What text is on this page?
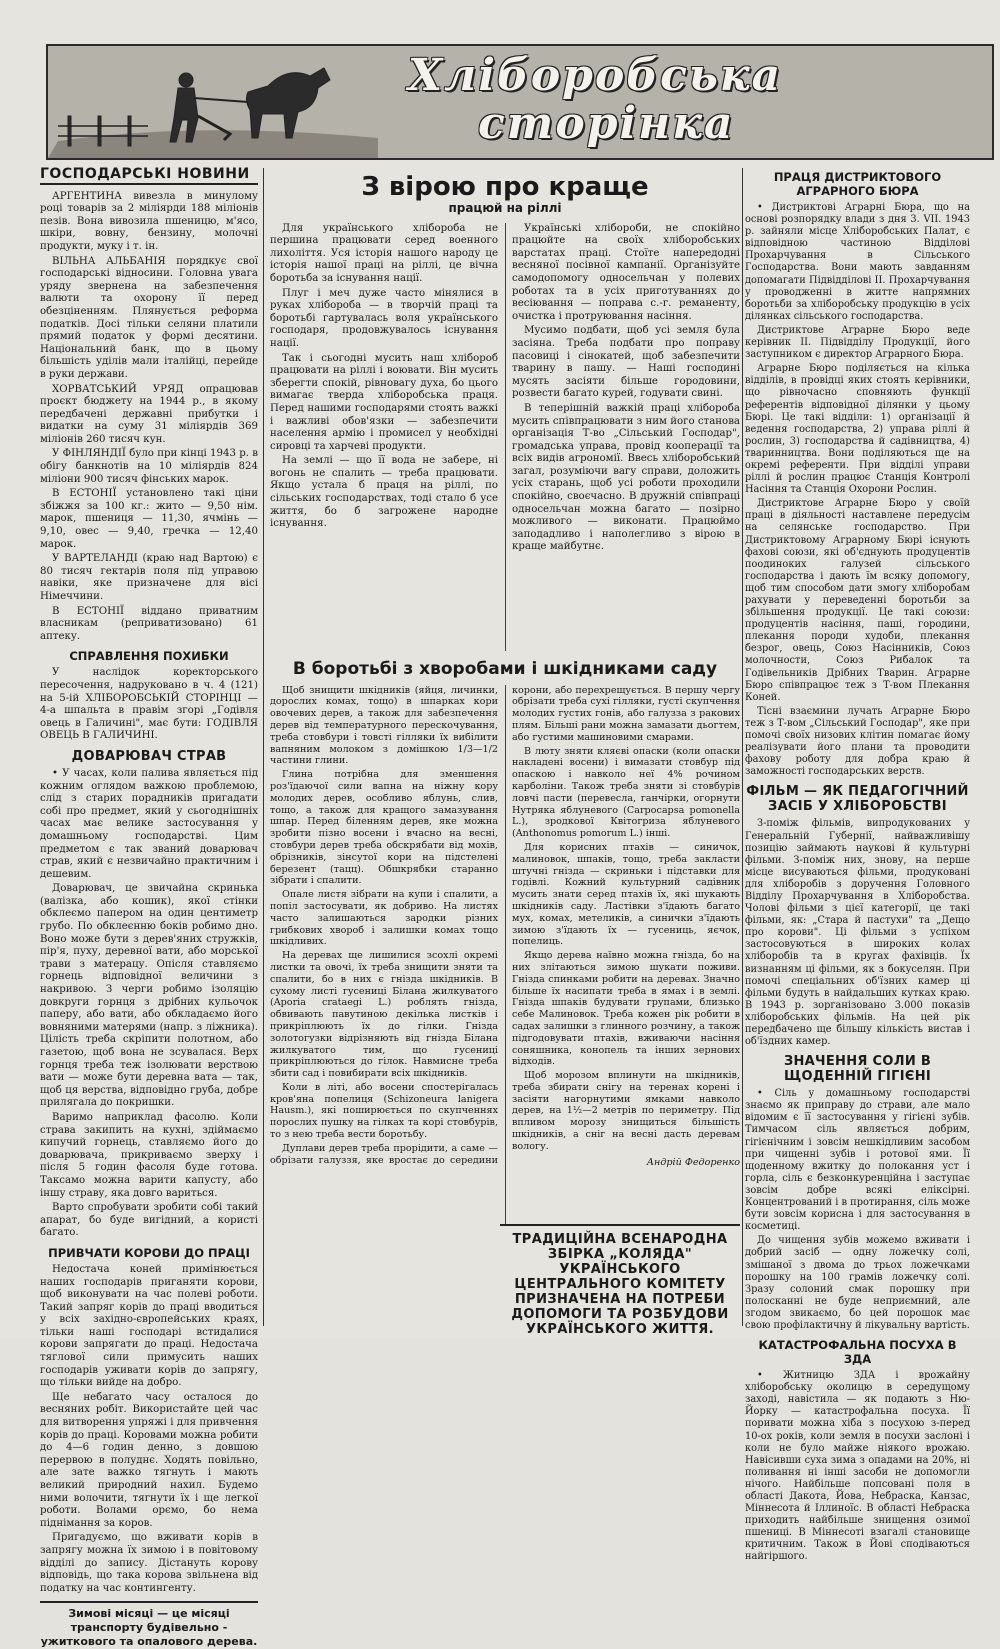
Хліборобська
сторінка
ГОСПОДАРСЬКІ НОВИНИ

АРГЕНТИНА вивезла в минулому році товарів за 2 міліярди 188 міліонів пезів. Вона вивозила пшеницю, м'ясо, шкіри, вовну, бензину, молочні продукти, муку і т. ін.

ВІЛЬНА АЛЬБАНІЯ порядкує свої господарські відносини. Головна увага уряду звернена на забезпечення валюти та охорону її перед обезціненням. Плянується реформа податків. Досі тільки селяни платили прямий податок у формі десятини. Національний банк, що в цьому більшість уділів мали італійці, перейде в руки держави.

ХОРВАТСЬКИЙ УРЯД опрацював проєкт бюджету на 1944 р., в якому передбачені державні прибутки і видатки на суму 31 міліярдів 369 міліонів 260 тисяч кун.

У ФІНЛЯНДІЇ було при кінці 1943 р. в обігу банкнотів на 10 міліярдів 824 міліони 900 тисяч фінських марок.

В ЕСТОНІЇ установлено такі ціни збіжжя за 100 кг.: жито — 9,50 нім. марок, пшениця — 11,30, ячмінь — 9,10, овес — 9,40, гречка — 12,40 марок.

У ВАРТЕЛАНДІ (краю над Вартою) є 80 тисяч гектарів поля під управою навіки, яке призначене для вісі Німеччини.

В ЕСТОНІЇ віддано приватним власникам (реприватизовано) 61 аптеку.

СПРАВЛЕННЯ ПОХИБКИ

У наслідок коректорського пересочення, надруковано в ч. 4 (121) на 5-ій ХЛІБОРОБСЬКІЙ СТОРІНЦІ — 4-а шпальта в правім згорі „Годівля овець в Галичині", має бути: ГОДІВЛЯ ОВЕЦЬ В ГАЛИЧИНІ.

ДОВАРЮВАЧ СТРАВ

• У часах, коли палива являється під кожним оглядом важкою проблемою, слід з старих порадників пригадати собі про предмет, який у сьогоднішніх часах має велике застосування у домашньому господарстві. Цим предметом є так званий доварювач страв, який є незвичайно практичним і дешевим.

Доварювач, це звичайна скринька (валізка, або кошик), якої стінки обклеємо папером на один центиметр грубо. По обклеєнню боків робимо дно. Воно може бути з дерев'яних стружків, пір'я, пуху, деревної вати, або морської трави з матерацу. Опісля ставляємо горнець відповідної величини з накривою. З черги робимо ізоляцію довкруги горнця з дрібних кульочок паперу, або вати, або обкладаємо його вовняними матерями (напр. з ліжника). Цілість треба скріпити полотном, або газетою, щоб вона не зсувалася. Верх горнця треба теж ізолювати верствою вати — може бути деревна вата — так, щоб ця верства, відповідно груба, добре прилягала до покришки.

Варимо наприклад фасолю. Коли страва закипить на кухні, здіймаємо кипучий горнець, ставляємо його до доварювача, прикриваємо зверху і після 5 годин фасоля буде готова. Таксамо можна варити капусту, або іншу страву, яка довго вариться.

Варто спробувати зробити собі такий апарат, бо буде вигідний, а користі багато.

ПРИВЧАТИ КОРОВИ ДО ПРАЦІ

Недостача коней примінюється наших господарів приганяти корови, щоб виконувати на час полеві роботи. Такий запряг корів до праці вводиться у всіх західно-європейських краях, тільки наші господарі встидалися корови запрягати до праці. Недостача тяглової сили примусить наших господарів уживати корів до запрягу, що тільки вийде на добро.

Ще небагато часу осталося до весняних робіт. Використайте цей час для витворення упряжі і для привчення корів до праці. Коровами можна робити до 4—6 годин денно, з довшою перервою в полуднє. Ходять повільно, але зате важко тягнуть і мають великий природний нахил. Будемо ними волочити, тягнути їх і ще легкої роботи. Волами орємо, бо нема піднімання за коров.

Пригадуємо, що вживати корів в запрягу можна їх зимою і в повітовому відділі до запису. Дістануть корову відповідь, що така корова звільнена від податку на час контингенту.

Зимові місяці — це місяці транспорту будівельно - ужиткового та опалового дерева.
З вірою про краще
працюй на ріллі

Для українського хлібороба не першина працювати серед военного лихоліття. Уся історія нашого народу це історія нашої праці на ріллі, це вічна боротьба за існування нації.

Плуг і меч дуже часто мінялися в руках хлібороба — в творчій праці та боротьбі гартувалась воля українського господаря, продовжувалось існування нації.

Так і сьогодні мусить наш хлібороб працювати на ріллі і воювати. Він мусить зберегти спокій, рівновагу духа, бо цього вимагає тверда хліборобська праця. Перед нашими господарями стоять важкі і важливі обов'язки — забезпечити населення армію і промисел у необхідні сировці та харчеві продукти.

На землі — що її вода не забере, ні вогонь не спалить — треба працювати. Якщо устала б праця на ріллі, по сільських господарствах, тоді стало б усе життя, бо б загрожене народне існування.

Українські хлібороби, не спокійно працюйте на своїх хліборобських варстатах праці. Стоїте напередодні весняної посівної кампанії. Організуйте самодопомогу односельчан у полевих роботах та в усіх приготуваннях до весіювання — поправа с.-г. реманенту, очистка і протруювання насіння.

Мусимо подбати, щоб усі земля була засіяна. Треба подбати про поправу пасовиці і сінокатей, щоб забезпечити тварину в пашу. — Наші господині мусять засіяти більше городовини, розвести багато курей, годувати свині.

В теперішній важкій праці хлібороба мусить співпрацювати з ним його станова організація Т-во „Сільський Господар", громадська управа, провід кооперації та всіх видів агрономії. Ввесь хліборобський загал, розуміючи вагу справи, доложить усіх старань, щоб усі роботи проходили спокійно, своєчасно. В дружній співпраці односельчан можна багато — позірно можливого — виконати. Працюймо заподадливо і наполегливо з вірою в краще майбутнє.

В боротьбі з хворобами і шкідниками саду

Щоб знищити шкідників (яйця, личинки, дорослих комах, тощо) в шпарках кори овочевих дерев, а також для забезпечення дерев від температурного перескочування, треба стовбури і товсті гілляки їх вибілити вапняним молоком з домішкою 1/3—1/2 частини глини.

Глина потрібна для зменшення роз'їдаючої сили вапна на ніжну кору молодих дерев, особливо яблунь, слив, тощо, а також для кращого замазування шпар. Перед біленням дерев, яке можна зробити пізно восени і вчасно на весні, стовбури дерев треба обскрябати від мохів, обрізників, зінсутої кори на підстелені березент (тацц). Обшкрябки старанно зібрати і спалити.

Опале листя зібрати на купи і спалити, а попіл застосувати, як добриво. На листях часто залишаються зародки різних грибкових хвороб і залишки комах тощо шкідливих.

На деревах ще лишилися зсохлі окремі листки та овочі, їх треба знищити зняти та спалити, бо в них є гнізда шкідників. В сухому листі гусениці Білана жилкуватого (Aporia crataegi L.) роблять гнізда, обвивають павутиною декілька листків і прикріплюють їх до гілки. Гнізда золотогузки відрізняють від гнізда Білана жилкуватого тим, що гусениці прикріплюються до гілок. Навмисне треба збити сад і повибирати всіх шкідників.

Коли в літі, або восени спостерігалась кров'яна попелиця (Schizoneura lanigera Hausm.), які поширюється по скупченнях порослих пушку на гілках та корі стовбурів, то з нею треба вести боротьбу.

Дуплави дерев треба прорідити, а саме — обрізати галуззя, яке вростає до середини корони, або перехрещується. В першу чергу обрізати треба сухі гілляки, густі скупчення молодих густих гонів, або галузза з ракових плям. Більші рани можна замазати дьогтем, або густими машиновими смарами.

В люту зняти кляєві опаски (коли опаски накладені восени) і вимазати стовбур під опаскою і навколо неї 4% рочином карболіни. Також треба зняти зі стовбурів ловчі пасти (перевесла, ганчірки, огорнути Нутряка яблуневого (Carpocapsa pomonella L.), зродкової Квітогриза яблуневого (Anthonomus pomorum L.) інші.

Для корисних птахів — синичок, малиновок, шпаків, тощо, треба закласти штучні гнізда — скриньки і підставки для годівлі. Кожний культурний садівник мусить знати серед птахів їх, які шукають шкідників саду. Ластівки з'їдають багато мух, комах, метеликів, а синички з'їдають зимою з'їдають їх — гусениць, яєчок, попелиць.

Якщо дерева наївно можна гнізда, бо на них злітаються зимою шукати поживи. Гнізда спинками робити на деревах. Значно більше їх насипати треба в ямах і в землі. Гнізда шпаків будувати групами, близько себе Малиновок. Треба кожен рік робити в садах залишки з глинного розчину, а також підгодовувати птахів, вживаючи насіння соняшника, конопель та інших зернових відходів.

Щоб морозом вплинути на шкідників, треба збирати снігу на теренах корені і засіяти нагорнутими ямками навколо дерев, на 1½—2 метрів по периметру. Під впливом морозу знищиться більшість шкідників, а сніг на весні дасть деревам вологу.

Андрій Федоренко
ТРАДИЦІЙНА ВСЕНАРОДНА ЗБІРКА „КОЛЯДА" УКРАЇНСЬКОГО ЦЕНТРАЛЬНОГО КОМІТЕТУ ПРИЗНАЧЕНА НА ПОТРЕБИ ДОПОМОГИ ТА РОЗБУДОВИ УКРАЇНСЬКОГО ЖИТТЯ.
ПРАЦЯ ДИСТРИКТОВОГО АГРАРНОГО БЮРА

• Дистриктові Аграрні Бюра, що на основі розпорядку влади з дня 3. VII. 1943 р. зайняли місце Хліборобських Палат, є відповідною частиною Відділові Прохарчування в Сільського Господарства. Вони мають завданням допомагати Підвідділові II. Прохарчування у проводженні в житте напрямних боротьби за хліборобську продукцію в усіх ділянках сільського господарства.

Дистриктове Аграрне Бюро веде керівник II. Підвідділу Продукції, його заступником є директор Аграрного Бюра.

Аграрне Бюро поділяється на кілька відділів, в провідці яких стоять керівники, що рівночасно сповняють функції референтів відповідної ділянки у цьому Бюрі. Це такі відділи: 1) організації й ведення господарства, 2) управа ріллі й рослин, 3) господарства й садівництва, 4) тваринництва. Вони поділяються ще на окремі референти. При відділі управи ріллі й рослин працює Станція Контролі Насіння та Станція Охорони Рослин.

Дистриктове Аграрне Бюро у своїй праці в діяльності наставлене передусім на селянське господарство. При Дистриктовому Аграрному Бюрі існують фахові союзи, які об'єднують продуцентів поодиноких галузей сільського господарства і дають їм всяку допомогу, щоб тим способом дати змогу хліборобам рахувати у переведенні боротьби за збільшення продукції. Це такі союзи: продуцентів насіння, паші, городини, плекання породи худоби, плекання безрог, овець, Союз Насінників, Союз молочности, Союз Рибалок та Годівельників Дрібних Тварин. Аграрне Бюро співпрацює теж з Т-вом Плекання Коней.

Тісні взаємини лучать Аграрне Бюро теж з Т-вом „Сільський Господар", яке при помочі своїх низових клітин помагає йому реалізувати його плани та проводити фахову роботу для добра краю й заможності господарських верств.

ФІЛЬМ — ЯК ПЕДАГОГІЧНИЙ ЗАСІБ У ХЛІБОРОБСТВІ

З-поміж фільмів, випродукованих у Генеральній Губернії, найважливішу позицію займають наукові й культурні фільми. З-поміж них, знову, на перше місце висуваються фільми, продуковані для хліборобів з доручення Головного Відділу Прохарчування в Хліборобства. Чолові фільми з цієї категорії, це такі фільми, як: „Стара й пастухи" та „Дещо про корови". Ці фільми з успіхом застосовуються в широких колах хліборобів та в кругах фахівців. Їх визнанням ці фільми, як з бокуселян. При помочі спеціальних об'їзних камер ці фільми будуть в найдальших кутках краю. В 1943 р. зорганізовано 3.000 показів хліборобських фільмів. На цей рік передбачено ще більшу кількість вистав і об'їздних камер.

ЗНАЧЕННЯ СОЛИ В ЩОДЕННІЙ ГІГІЄНІ

• Сіль у домашньому господарстві знаємо як приправу до страви, але мало відомим є її застосування у гігієні зубів. Тимчасом сіль являється добрим, гігієнічним і зовсім нешкідливим засобом при чищенні зубів і ротової ями. Її щоденному вжитку до полокання уст і горла, сіль є безконкуренційна і заступає зовсім добре всякі еліксірні. Концентрований і в протирання, сіль може бути зовсім корисна і для застосування в косметиці.

До чищення зубів можемо вживати і добрий засіб — одну ложечку солі, змішаної з двома до трьох ложечками порошку на 100 грамів ложечку солі. Зразу солоний смак порошку при полосканні не буде неприємний, але згодом звикаємо, бо цей порошок має свою профілактичну й лікувальну вартість.

КАТАСТРОФАЛЬНА ПОСУХА В ЗДА

• Житницю ЗДА і врожайну хліборобську околицю в середущому заході, навістила — як подають з Ню-Йорку — катастрофальна посуха. Її поривати можна хіба з посухою з-перед 10-ох років, коли земля в посухи заслоні і коли не було майже ніякого врожаю. Навісивши суха зима з опадами на 20%, ні поливання ні інші засоби не допомогли нічого. Найбільше попсовані поля в області Дакота, Йова, Небраска, Канзас, Міннесота й Іллиноїс. В області Небраска приходить найбільше знищення озимої пшениці. В Міннесоті взагалі становище критичним. Також в Йові сподіваються найгіршого.
